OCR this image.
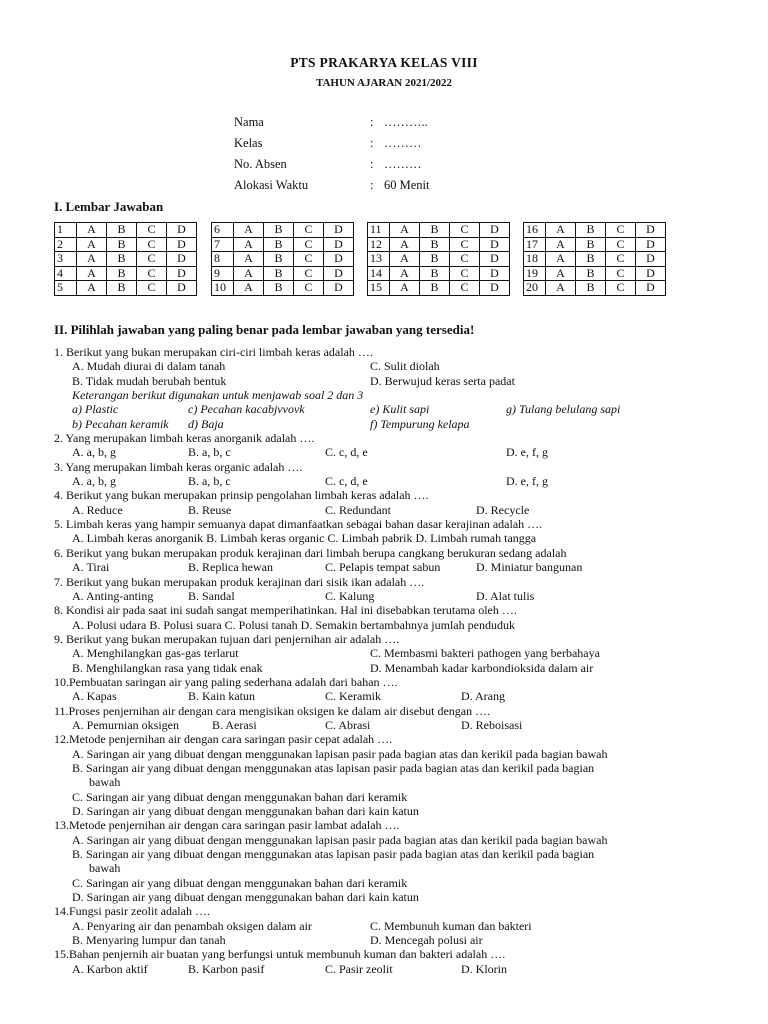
PTS PRAKARYA KELAS VIII
TAHUN AJARAN 2021/2022
Nama	: ………..
Kelas	: ………
No. Absen	: ………
Alokasi Waktu	: 60 Menit
I. Lembar Jawaban
1	A	B	C	D
2	A	B	C	D
3	A	B	C	D
4	A	B	C	D
5	A	B	C	D
6	A	B	C	D
7	A	B	C	D
8	A	B	C	D
9	A	B	C	D
10	A	B	C	D
11	A	B	C	D
12	A	B	C	D
13	A	B	C	D
14	A	B	C	D
15	A	B	C	D
16	A	B	C	D
17	A	B	C	D
18	A	B	C	D
19	A	B	C	D
20	A	B	C	D
II. Pilihlah jawaban yang paling benar pada lembar jawaban yang tersedia!
1. Berikut yang bukan merupakan ciri-ciri limbah keras adalah ….
A. Mudah diurai di dalam tanah	C. Sulit diolah
B. Tidak mudah berubah bentuk	D. Berwujud keras serta padat
Keterangan berikut digunakan untuk menjawab soal 2 dan 3
a) Plastic	c) Pecahan kacabjvvovk	e) Kulit sapi	g) Tulang belulang sapi
b) Pecahan keramik d) Baja	f) Tempurung kelapa
2. Yang merupakan limbah keras anorganik adalah ….
A. a, b, g	B. a, b, c	C. c, d, e	D. e, f, g
3. Yang merupakan limbah keras organic adalah ….
A. a, b, g	B. a, b, c	C. c, d, e	D. e, f, g
4. Berikut yang bukan merupakan prinsip pengolahan limbah keras adalah ….
A. Reduce	B. Reuse	C. Redundant	D. Recycle
5. Limbah keras yang hampir semuanya dapat dimanfaatkan sebagai bahan dasar kerajinan adalah ….
A. Limbah keras anorganik B. Limbah keras organic C. Limbah pabrik D. Limbah rumah tangga
6. Berikut yang bukan merupakan produk kerajinan dari limbah berupa cangkang berukuran sedang adalah
A. Tirai	B. Replica hewan	C. Pelapis tempat sabun	D. Miniatur bangunan
7. Berikut yang bukan merupakan produk kerajinan dari sisik ikan adalah ….
A. Anting-anting	B. Sandal	C. Kalung	D. Alat tulis
8. Kondisi air pada saat ini sudah sangat memperihatinkan. Hal ini disebabkan terutama oleh ….
A. Polusi udara B. Polusi suara C. Polusi tanah D. Semakin bertambahnya jumlah penduduk
9. Berikut yang bukan merupakan tujuan dari penjernihan air adalah ….
A. Menghilangkan gas-gas terlarut	C. Membasmi bakteri pathogen yang berbahaya
B. Menghilangkan rasa yang tidak enak	D. Menambah kadar karbondioksida dalam air
10.Pembuatan saringan air yang paling sederhana adalah dari bahan ….
A. Kapas	B. Kain katun	C. Keramik	D. Arang
11.Proses penjernihan air dengan cara mengisikan oksigen ke dalam air disebut dengan ….
A. Pemurnian oksigen	B. Aerasi	C. Abrasi	D. Reboisasi
12.Metode penjernihan air dengan cara saringan pasir cepat adalah ….
A. Saringan air yang dibuat dengan menggunakan lapisan pasir pada bagian atas dan kerikil pada bagian bawah
B. Saringan air yang dibuat dengan menggunakan atas lapisan pasir pada bagian atas dan kerikil pada bagian
bawah
C. Saringan air yang dibuat dengan menggunakan bahan dari keramik
D. Saringan air yang dibuat dengan menggunakan bahan dari kain katun
13.Metode penjernihan air dengan cara saringan pasir lambat adalah ….
A. Saringan air yang dibuat dengan menggunakan lapisan pasir pada bagian atas dan kerikil pada bagian bawah
B. Saringan air yang dibuat dengan menggunakan atas lapisan pasir pada bagian atas dan kerikil pada bagian
bawah
C. Saringan air yang dibuat dengan menggunakan bahan dari keramik
D. Saringan air yang dibuat dengan menggunakan bahan dari kain katun
14.Fungsi pasir zeolit adalah ….
A. Penyaring air dan penambah oksigen dalam air	C. Membunuh kuman dan bakteri
B. Menyaring lumpur dan tanah	D. Mencegah polusi air
15.Bahan penjernih air buatan yang berfungsi untuk membunuh kuman dan bakteri adalah ….
A. Karbon aktif	B. Karbon pasif	C. Pasir zeolit	D. Klorin
